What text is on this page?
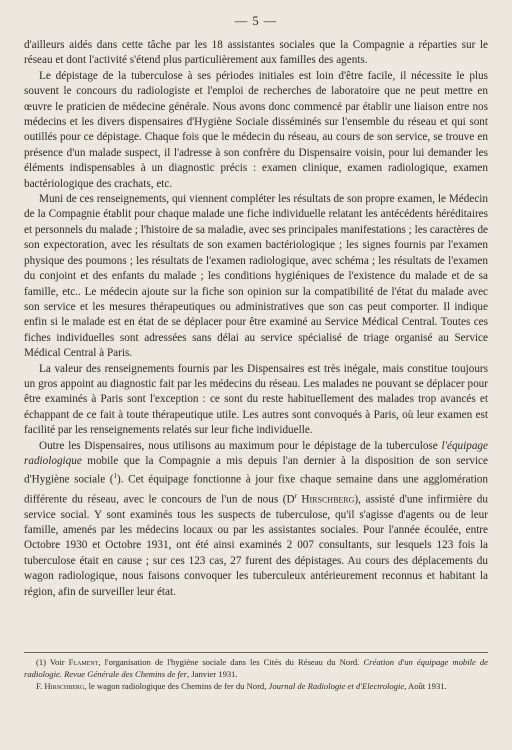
— 5 —

d'ailleurs aidés dans cette tâche par les 18 assistantes sociales que la Compagnie a réparties sur le réseau et dont l'activité s'étend plus particulièrement aux familles des agents.

Le dépistage de la tuberculose à ses périodes initiales est loin d'être facile, il nécessite le plus souvent le concours du radiologiste et l'emploi de recherches de laboratoire que ne peut mettre en œuvre le praticien de médecine générale. Nous avons donc commencé par établir une liaison entre nos médecins et les divers dispensaires d'Hygiène Sociale disséminés sur l'ensemble du réseau et qui sont outillés pour ce dépistage. Chaque fois que le médecin du réseau, au cours de son service, se trouve en présence d'un malade suspect, il l'adresse à son confrère du Dispensaire voisin, pour lui demander les éléments indispensables à un diagnostic précis : examen clinique, examen radiologique, examen bactériologique des crachats, etc.

Muni de ces renseignements, qui viennent compléter les résultats de son propre examen, le Médecin de la Compagnie établit pour chaque malade une fiche individuelle relatant les antécédents héréditaires et personnels du malade ; l'histoire de sa maladie, avec ses principales manifestations ; les caractères de son expectoration, avec les résultats de son examen bactériologique ; les signes fournis par l'examen physique des poumons ; les résultats de l'examen radiologique, avec schéma ; les résultats de l'examen du conjoint et des enfants du malade ; les conditions hygiéniques de l'existence du malade et de sa famille, etc.. Le médecin ajoute sur la fiche son opinion sur la compatibilité de l'état du malade avec son service et les mesures thérapeutiques ou administratives que son cas peut comporter. Il indique enfin si le malade est en état de se déplacer pour être examiné au Service Médical Central. Toutes ces fiches individuelles sont adressées sans délai au service spécialisé de triage organisé au Service Médical Central à Paris.

La valeur des renseignements fournis par les Dispensaires est très inégale, mais constitue toujours un gros appoint au diagnostic fait par les médecins du réseau. Les malades ne pouvant se déplacer pour être examinés à Paris sont l'exception : ce sont du reste habituellement des malades trop avancés et échappant de ce fait à toute thérapeutique utile. Les autres sont convoqués à Paris, où leur examen est facilité par les renseignements relatés sur leur fiche individuelle.

Outre les Dispensaires, nous utilisons au maximum pour le dépistage de la tuberculose l'équipage radiologique mobile que la Compagnie a mis depuis l'an dernier à la disposition de son service d'Hygiène sociale ($^1$). Cet équipage fonctionne à jour fixe chaque semaine dans une agglomération différente du réseau, avec le concours de l'un de nous ($D^r$ Hirschberg), assisté d'une infirmière du service social. Y sont examinés tous les suspects de tuberculose, qu'il s'agisse d'agents ou de leur famille, amenés par les médecins locaux ou par les assistantes sociales. Pour l'année écoulée, entre Octobre 1930 et Octobre 1931, ont été ainsi examinés 2 007 consultants, sur lesquels 123 fois la tuberculose était en cause ; sur ces 123 cas, 27 furent des dépistages. Au cours des déplacements du wagon radiologique, nous faisons convoquer les tuberculeux antérieurement reconnus et habitant la région, afin de surveiller leur état.

(1) Voir Flament, l'organisation de l'hygiène sociale dans les Cités du Réseau du Nord. Création d'un équipage mobile de radiologie. Revue Générale des Chemins de fer, Janvier 1931.

F. Hirschberg, le wagon radiologique des Chemins de fer du Nord, Journal de Radiologie et d'Electrologie, Août 1931.
